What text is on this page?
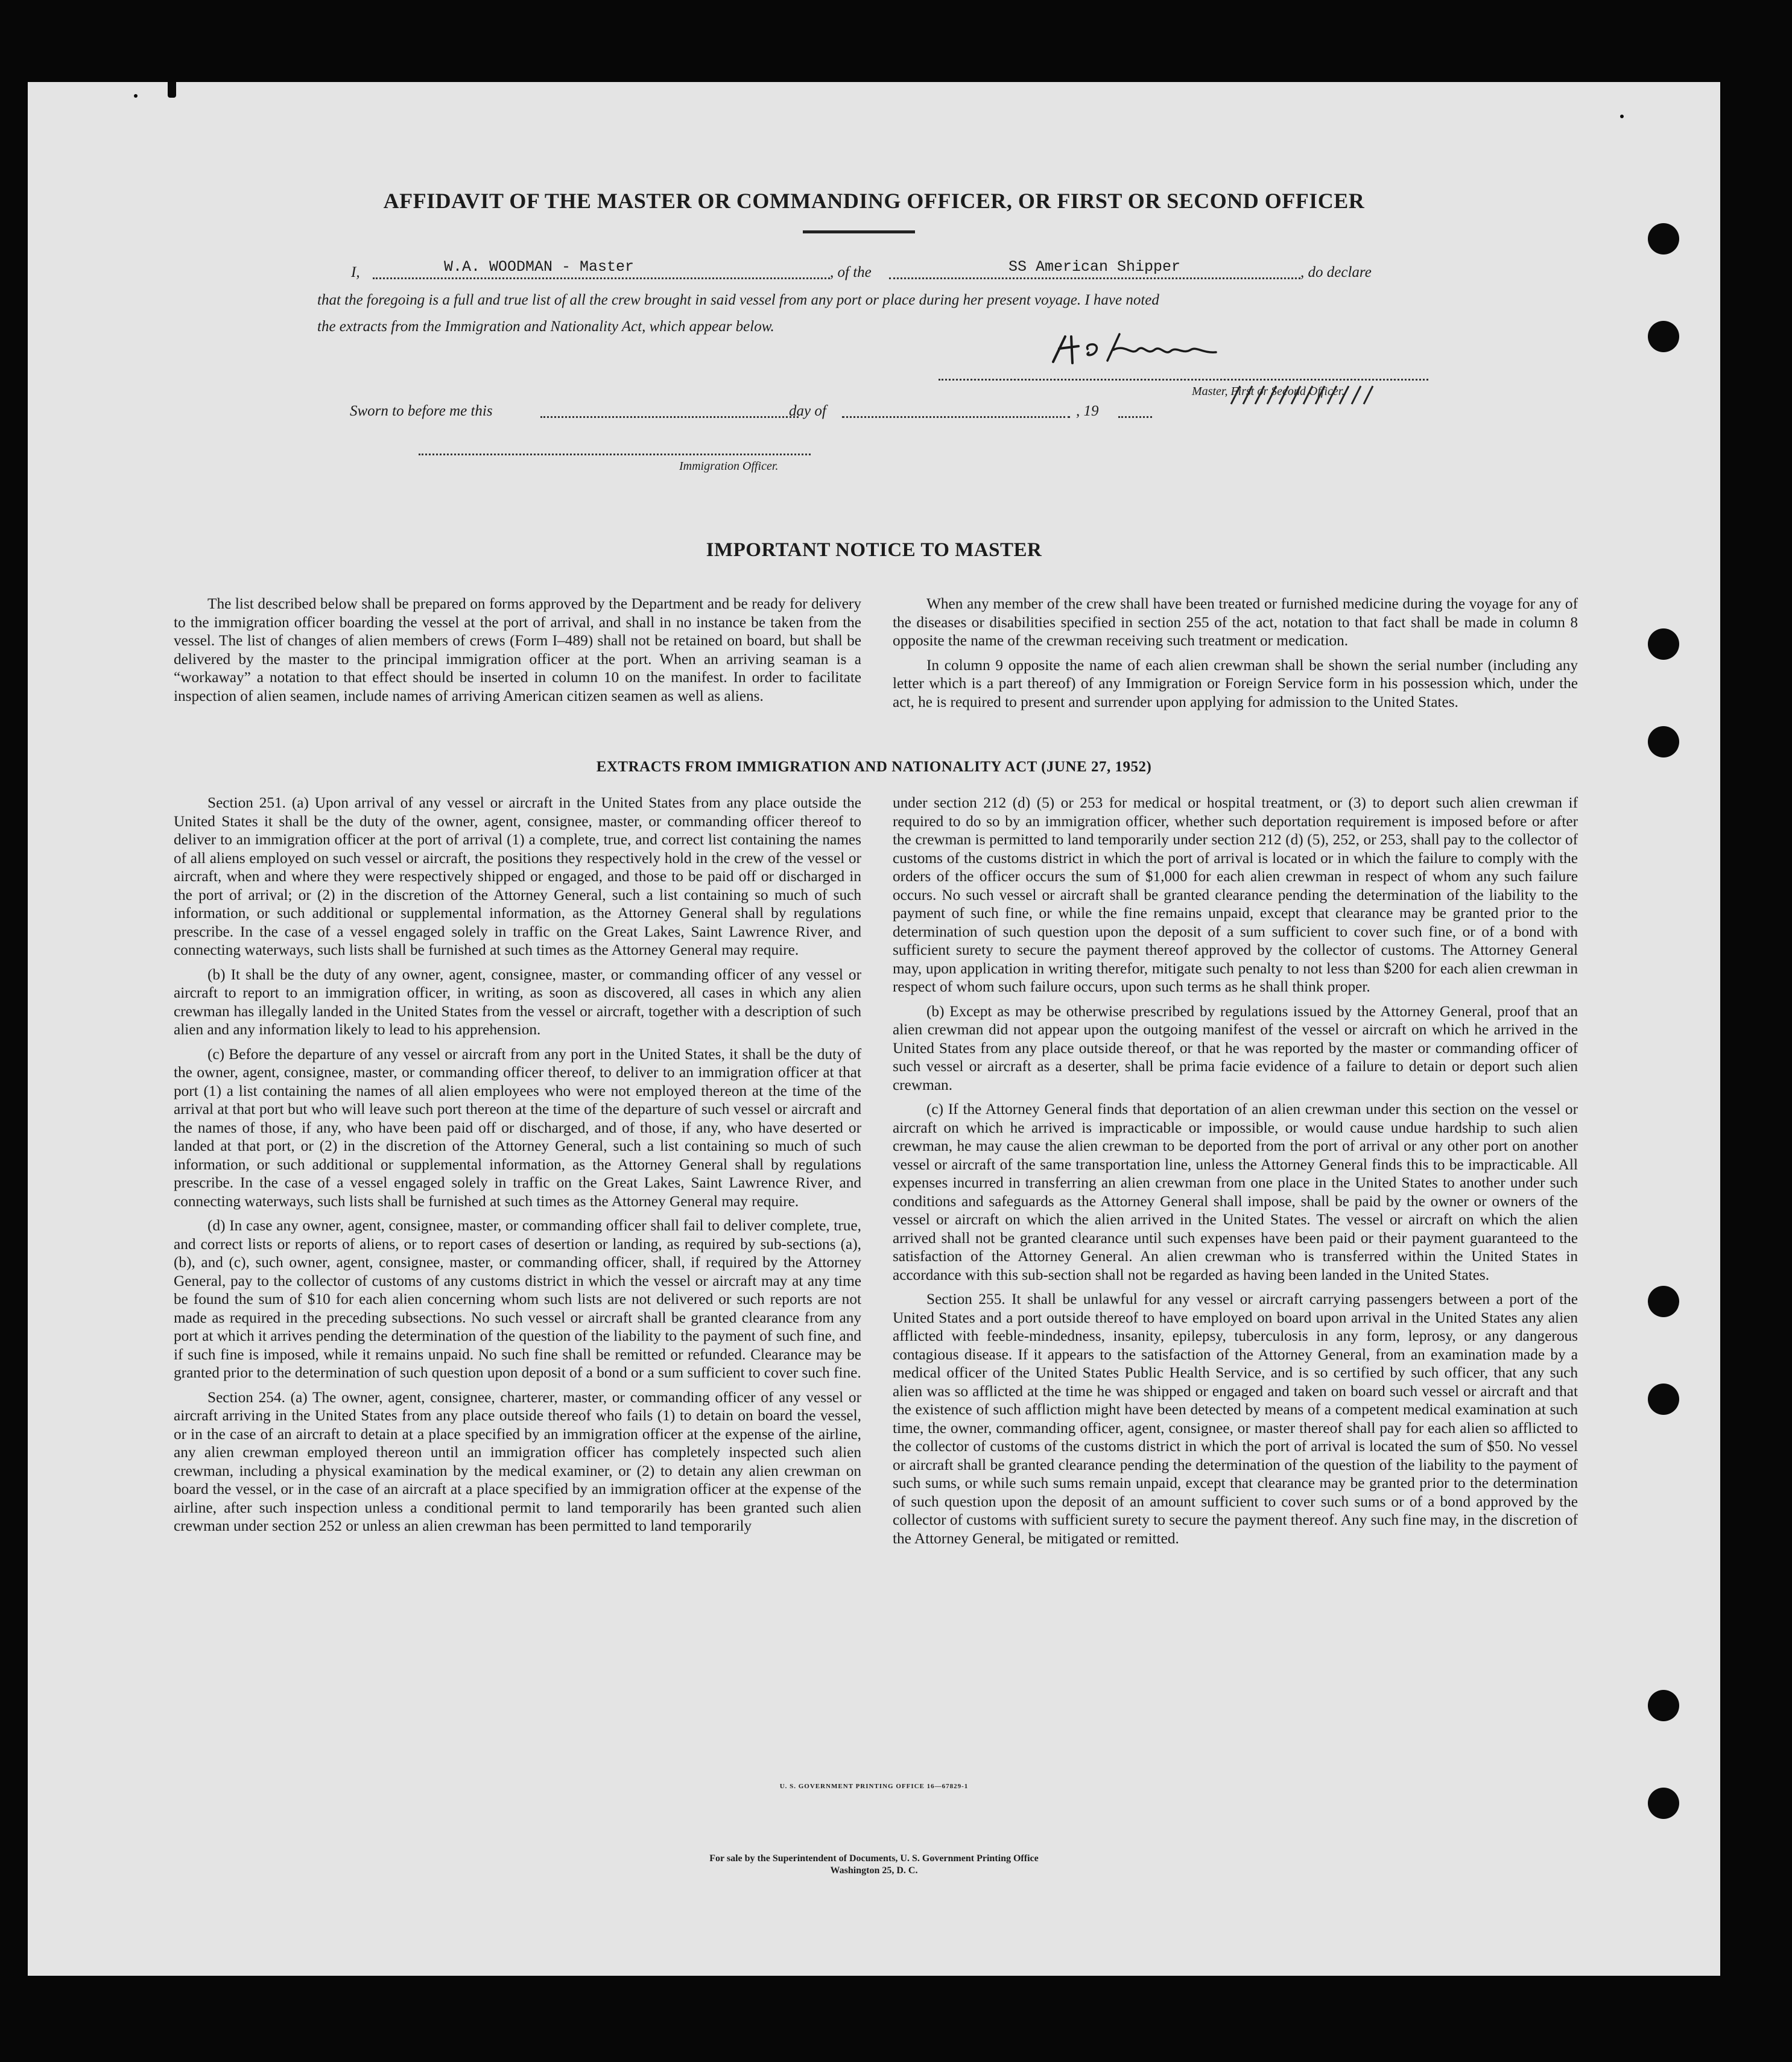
AFFIDAVIT OF THE MASTER OR COMMANDING OFFICER, OR FIRST OR SECOND OFFICER
I,	W.A. WOODMAN - Master	, of the	SS American Shipper	, do declare
that the foregoing is a full and true list of all the crew brought in said vessel from any port or place during her present voyage. I have noted
the extracts from the Immigration and Nationality Act, which appear below.
Master, First or Second Officer.
Sworn to before me this	day of	, 19
Immigration Officer.
IMPORTANT NOTICE TO MASTER

The list described below shall be prepared on forms approved by the Department and be ready for delivery to the immigration officer boarding the vessel at the port of arrival, and shall in no instance be taken from the vessel. The list of changes of alien members of crews (Form I–489) shall not be retained on board, but shall be delivered by the master to the principal immigration officer at the port. When an arriving seaman is a “workaway” a notation to that effect should be inserted in column 10 on the manifest. In order to facilitate inspection of alien seamen, include names of arriving American citizen seamen as well as aliens.

When any member of the crew shall have been treated or furnished medicine during the voyage for any of the diseases or disabilities specified in section 255 of the act, notation to that fact shall be made in column 8 opposite the name of the crewman receiving such treatment or medication.

In column 9 opposite the name of each alien crewman shall be shown the serial number (including any letter which is a part thereof) of any Immigration or Foreign Service form in his possession which, under the act, he is required to present and surrender upon applying for admission to the United States.

EXTRACTS FROM IMMIGRATION AND NATIONALITY ACT (JUNE 27, 1952)

Section 251. (a) Upon arrival of any vessel or aircraft in the United States from any place outside the United States it shall be the duty of the owner, agent, consignee, master, or commanding officer thereof to deliver to an immigration officer at the port of arrival (1) a complete, true, and correct list containing the names of all aliens employed on such vessel or aircraft, the positions they respectively hold in the crew of the vessel or aircraft, when and where they were respectively shipped or engaged, and those to be paid off or discharged in the port of arrival; or (2) in the discretion of the Attorney General, such a list containing so much of such information, or such additional or supplemental information, as the Attorney General shall by regulations prescribe. In the case of a vessel engaged solely in traffic on the Great Lakes, Saint Lawrence River, and connecting waterways, such lists shall be furnished at such times as the Attorney General may require.

(b) It shall be the duty of any owner, agent, consignee, master, or commanding officer of any vessel or aircraft to report to an immigration officer, in writing, as soon as discovered, all cases in which any alien crewman has illegally landed in the United States from the vessel or aircraft, together with a description of such alien and any information likely to lead to his apprehension.

(c) Before the departure of any vessel or aircraft from any port in the United States, it shall be the duty of the owner, agent, consignee, master, or commanding officer thereof, to deliver to an immigration officer at that port (1) a list containing the names of all alien employees who were not employed thereon at the time of the arrival at that port but who will leave such port thereon at the time of the departure of such vessel or aircraft and the names of those, if any, who have been paid off or discharged, and of those, if any, who have deserted or landed at that port, or (2) in the discretion of the Attorney General, such a list containing so much of such information, or such additional or supplemental information, as the Attorney General shall by regulations prescribe. In the case of a vessel engaged solely in traffic on the Great Lakes, Saint Lawrence River, and connecting waterways, such lists shall be furnished at such times as the Attorney General may require.

(d) In case any owner, agent, consignee, master, or commanding officer shall fail to deliver complete, true, and correct lists or reports of aliens, or to report cases of desertion or landing, as required by sub-sections (a), (b), and (c), such owner, agent, consignee, master, or commanding officer, shall, if required by the Attorney General, pay to the collector of customs of any customs district in which the vessel or aircraft may at any time be found the sum of $10 for each alien concerning whom such lists are not delivered or such reports are not made as required in the preceding subsections. No such vessel or aircraft shall be granted clearance from any port at which it arrives pending the determination of the question of the liability to the payment of such fine, and if such fine is imposed, while it remains unpaid. No such fine shall be remitted or refunded. Clearance may be granted prior to the determination of such question upon deposit of a bond or a sum sufficient to cover such fine.

Section 254. (a) The owner, agent, consignee, charterer, master, or commanding officer of any vessel or aircraft arriving in the United States from any place outside thereof who fails (1) to detain on board the vessel, or in the case of an aircraft to detain at a place specified by an immigration officer at the expense of the airline, any alien crewman employed thereon until an immigration officer has completely inspected such alien crewman, including a physical examination by the medical examiner, or (2) to detain any alien crewman on board the vessel, or in the case of an aircraft at a place specified by an immigration officer at the expense of the airline, after such inspection unless a conditional permit to land temporarily has been granted such alien crewman under section 252 or unless an alien crewman has been permitted to land temporarily

under section 212 (d) (5) or 253 for medical or hospital treatment, or (3) to deport such alien crewman if required to do so by an immigration officer, whether such deportation requirement is imposed before or after the crewman is permitted to land temporarily under section 212 (d) (5), 252, or 253, shall pay to the collector of customs of the customs district in which the port of arrival is located or in which the failure to comply with the orders of the officer occurs the sum of $1,000 for each alien crewman in respect of whom any such failure occurs. No such vessel or aircraft shall be granted clearance pending the determination of the liability to the payment of such fine, or while the fine remains unpaid, except that clearance may be granted prior to the determination of such question upon the deposit of a sum sufficient to cover such fine, or of a bond with sufficient surety to secure the payment thereof approved by the collector of customs. The Attorney General may, upon application in writing therefor, mitigate such penalty to not less than $200 for each alien crewman in respect of whom such failure occurs, upon such terms as he shall think proper.

(b) Except as may be otherwise prescribed by regulations issued by the Attorney General, proof that an alien crewman did not appear upon the outgoing manifest of the vessel or aircraft on which he arrived in the United States from any place outside thereof, or that he was reported by the master or commanding officer of such vessel or aircraft as a deserter, shall be prima facie evidence of a failure to detain or deport such alien crewman.

(c) If the Attorney General finds that deportation of an alien crewman under this section on the vessel or aircraft on which he arrived is impracticable or impossible, or would cause undue hardship to such alien crewman, he may cause the alien crewman to be deported from the port of arrival or any other port on another vessel or aircraft of the same transportation line, unless the Attorney General finds this to be impracticable. All expenses incurred in transferring an alien crewman from one place in the United States to another under such conditions and safeguards as the Attorney General shall impose, shall be paid by the owner or owners of the vessel or aircraft on which the alien arrived in the United States. The vessel or aircraft on which the alien arrived shall not be granted clearance until such expenses have been paid or their payment guaranteed to the satisfaction of the Attorney General. An alien crewman who is transferred within the United States in accordance with this sub-section shall not be regarded as having been landed in the United States.

Section 255. It shall be unlawful for any vessel or aircraft carrying passengers between a port of the United States and a port outside thereof to have employed on board upon arrival in the United States any alien afflicted with feeble-mindedness, insanity, epilepsy, tuberculosis in any form, leprosy, or any dangerous contagious disease. If it appears to the satisfaction of the Attorney General, from an examination made by a medical officer of the United States Public Health Service, and is so certified by such officer, that any such alien was so afflicted at the time he was shipped or engaged and taken on board such vessel or aircraft and that the existence of such affliction might have been detected by means of a competent medical examination at such time, the owner, commanding officer, agent, consignee, or master thereof shall pay for each alien so afflicted to the collector of customs of the customs district in which the port of arrival is located the sum of $50. No vessel or aircraft shall be granted clearance pending the determination of the question of the liability to the payment of such sums, or while such sums remain unpaid, except that clearance may be granted prior to the determination of such question upon the deposit of an amount sufficient to cover such sums or of a bond approved by the collector of customs with sufficient surety to secure the payment thereof. Any such fine may, in the discretion of the Attorney General, be mitigated or remitted.

U. S. GOVERNMENT PRINTING OFFICE 16—67829-1
For sale by the Superintendent of Documents, U. S. Government Printing Office
Washington 25, D. C.
